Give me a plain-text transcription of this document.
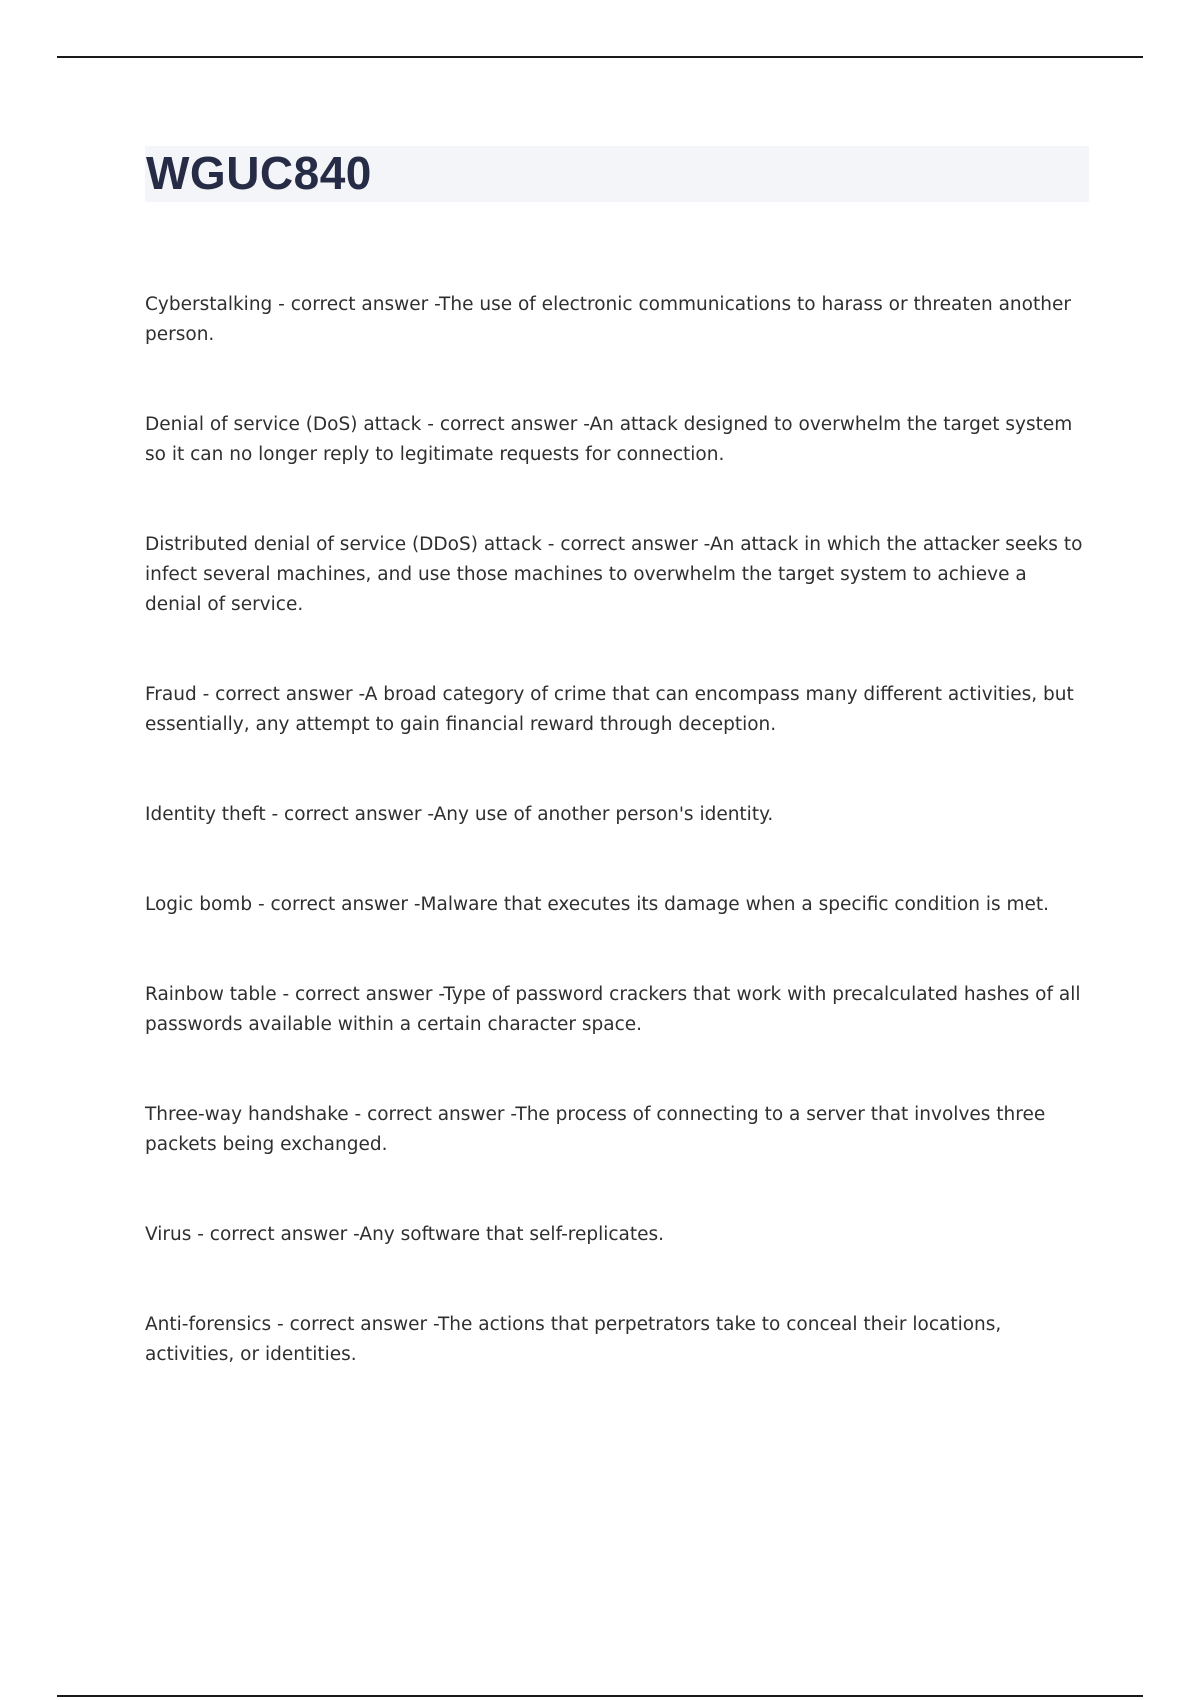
WGUC840

Cyberstalking - correct answer -The use of electronic communications to harass or threaten another person.

Denial of service (DoS) attack - correct answer -An attack designed to overwhelm the target system so it can no longer reply to legitimate requests for connection.

Distributed denial of service (DDoS) attack - correct answer -An attack in which the attacker seeks to infect several machines, and use those machines to overwhelm the target system to achieve a denial of service.

Fraud - correct answer -A broad category of crime that can encompass many different activities, but essentially, any attempt to gain financial reward through deception.

Identity theft - correct answer -Any use of another person's identity.

Logic bomb - correct answer -Malware that executes its damage when a specific condition is met.

Rainbow table - correct answer -Type of password crackers that work with precalculated hashes of all passwords available within a certain character space.

Three-way handshake - correct answer -The process of connecting to a server that involves three packets being exchanged.

Virus - correct answer -Any software that self-replicates.

Anti-forensics - correct answer -The actions that perpetrators take to conceal their locations, activities, or identities.
